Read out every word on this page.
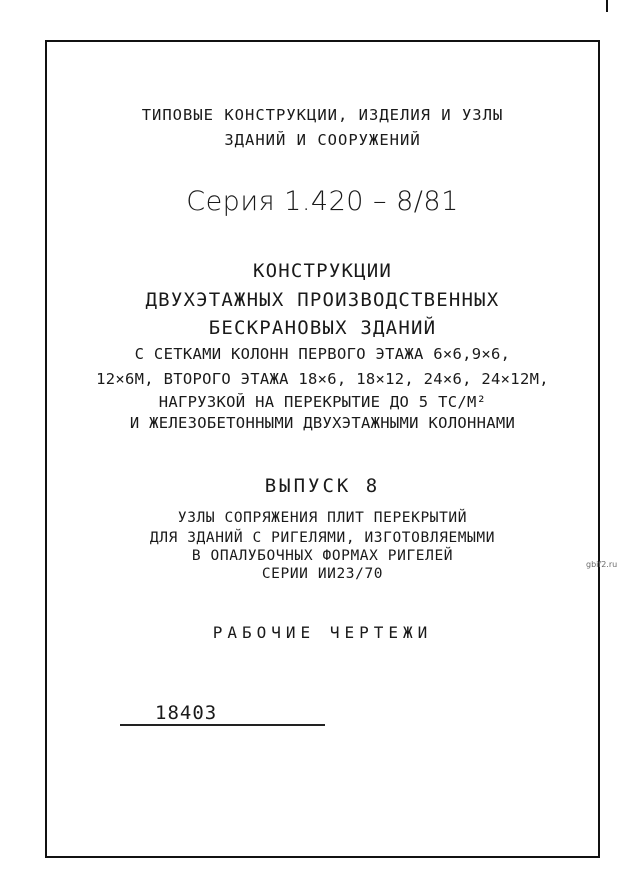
ТИПОВЫЕ КОНСТРУКЦИИ, ИЗДЕЛИЯ И УЗЛЫ
ЗДАНИЙ И СООРУЖЕНИЙ
Серия 1.420 – 8/81
КОНСТРУКЦИИ
ДВУХЭТАЖНЫХ ПРОИЗВОДСТВЕННЫХ
БЕСКРАНОВЫХ ЗДАНИЙ
С СЕТКАМИ КОЛОНН ПЕРВОГО ЭТАЖА 6×6,9×6,
12×6М, ВТОРОГО ЭТАЖА 18×6, 18×12, 24×6, 24×12М,
НАГРУЗКОЙ НА ПЕРЕКРЫТИЕ ДО 5 ТС/М²
И ЖЕЛЕЗОБЕТОННЫМИ ДВУХЭТАЖНЫМИ КОЛОННАМИ
ВЫПУСК 8
УЗЛЫ СОПРЯЖЕНИЯ ПЛИТ ПЕРЕКРЫТИЙ
ДЛЯ ЗДАНИЙ С РИГЕЛЯМИ, ИЗГОТОВЛЯЕМЫМИ
В ОПАЛУБОЧНЫХ ФОРМАХ РИГЕЛЕЙ
СЕРИИ ИИ23/70
РАБОЧИЕ ЧЕРТЕЖИ
18403
gbif2.ru
